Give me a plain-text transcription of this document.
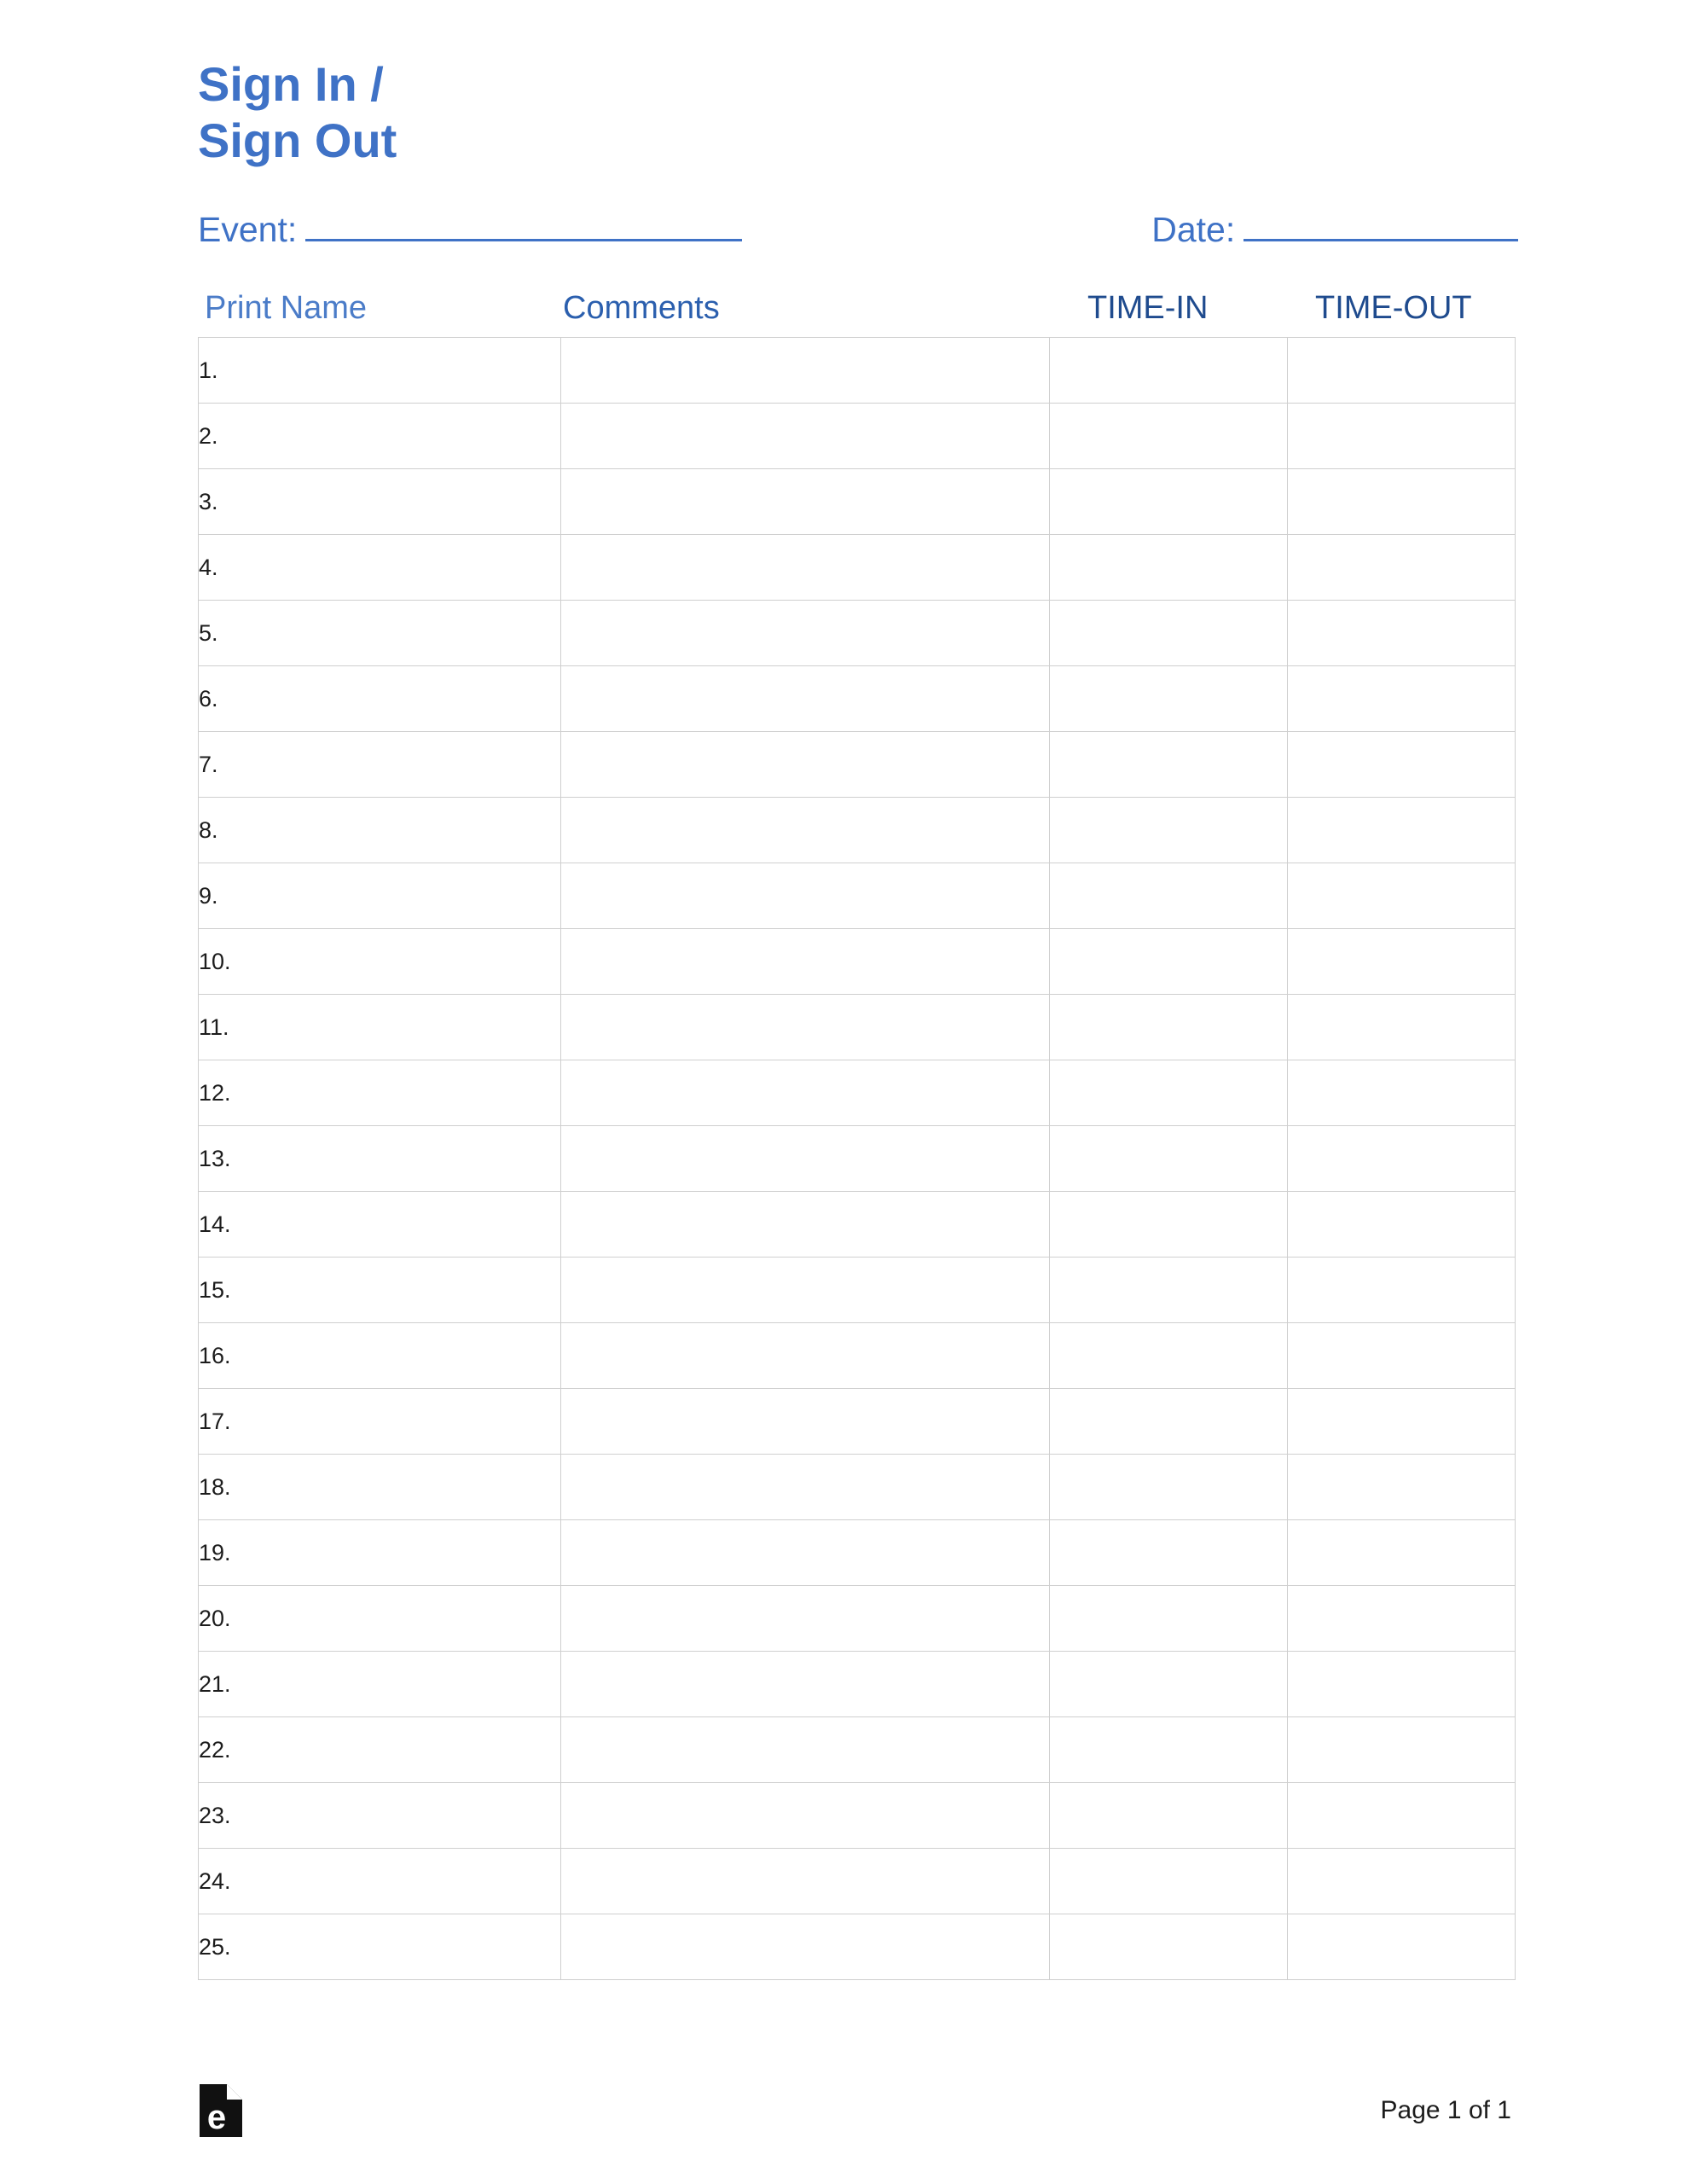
Sign In /
Sign Out
Event:	Date:
Print Name	Comments	TIME-IN	TIME-OUT
1.			
2.			
3.			
4.			
5.			
6.			
7.			
8.			
9.			
10.			
11.			
12.			
13.			
14.			
15.			
16.			
17.			
18.			
19.			
20.			
21.			
22.			
23.			
24.			
25.			
e	Page 1 of 1
